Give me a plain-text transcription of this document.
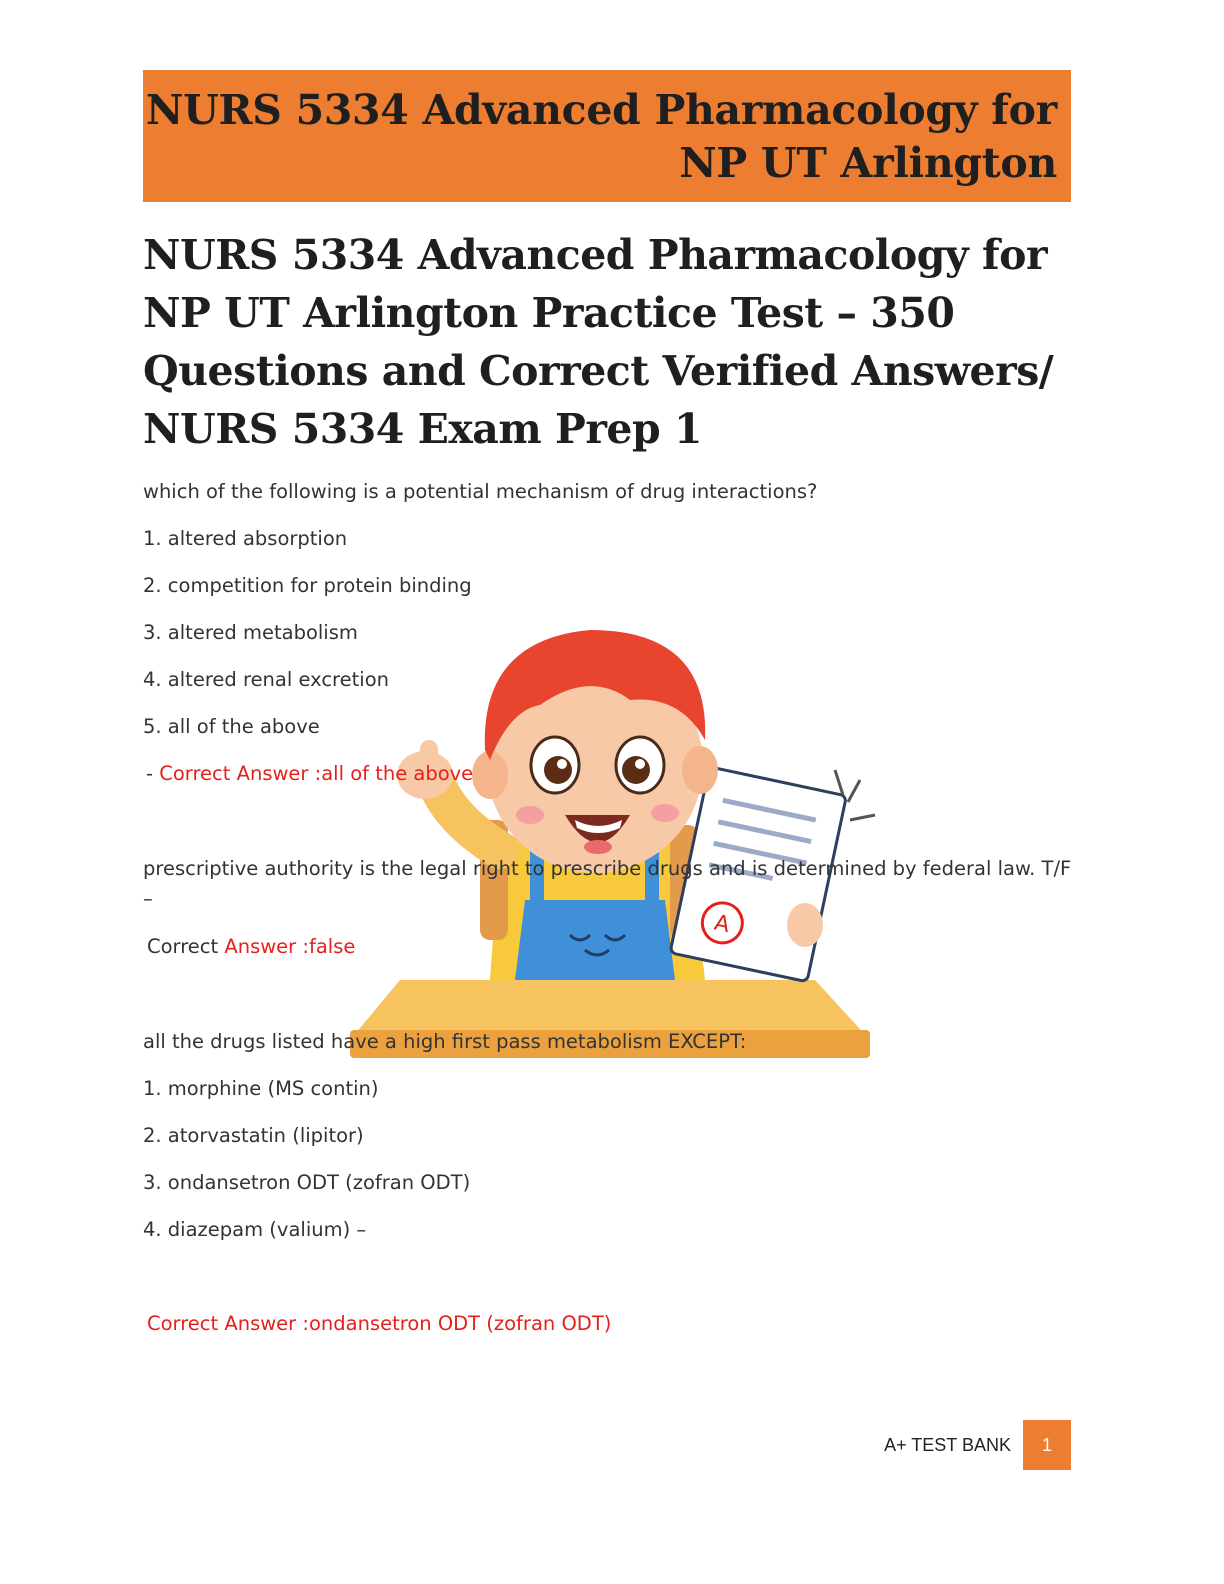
NURS 5334 Advanced Pharmacology for
NP UT Arlington
NURS 5334 Advanced Pharmacology for NP UT Arlington Practice Test – 350 Questions and Correct Verified Answers/ NURS 5334 Exam Prep 1
A

which of the following is a potential mechanism of drug interactions?

1. altered absorption

2. competition for protein binding

3. altered metabolism

4. altered renal excretion

5. all of the above

- Correct Answer :all of the above

prescriptive authority is the legal right to prescribe drugs and is determined by federal law. T/F

–

Correct Answer :false

all the drugs listed have a high first pass metabolism EXCEPT:

1. morphine (MS contin)

2. atorvastatin (lipitor)

3. ondansetron ODT (zofran ODT)

4. diazepam (valium) –

Correct Answer :ondansetron ODT (zofran ODT)

A+ TEST BANK	1
